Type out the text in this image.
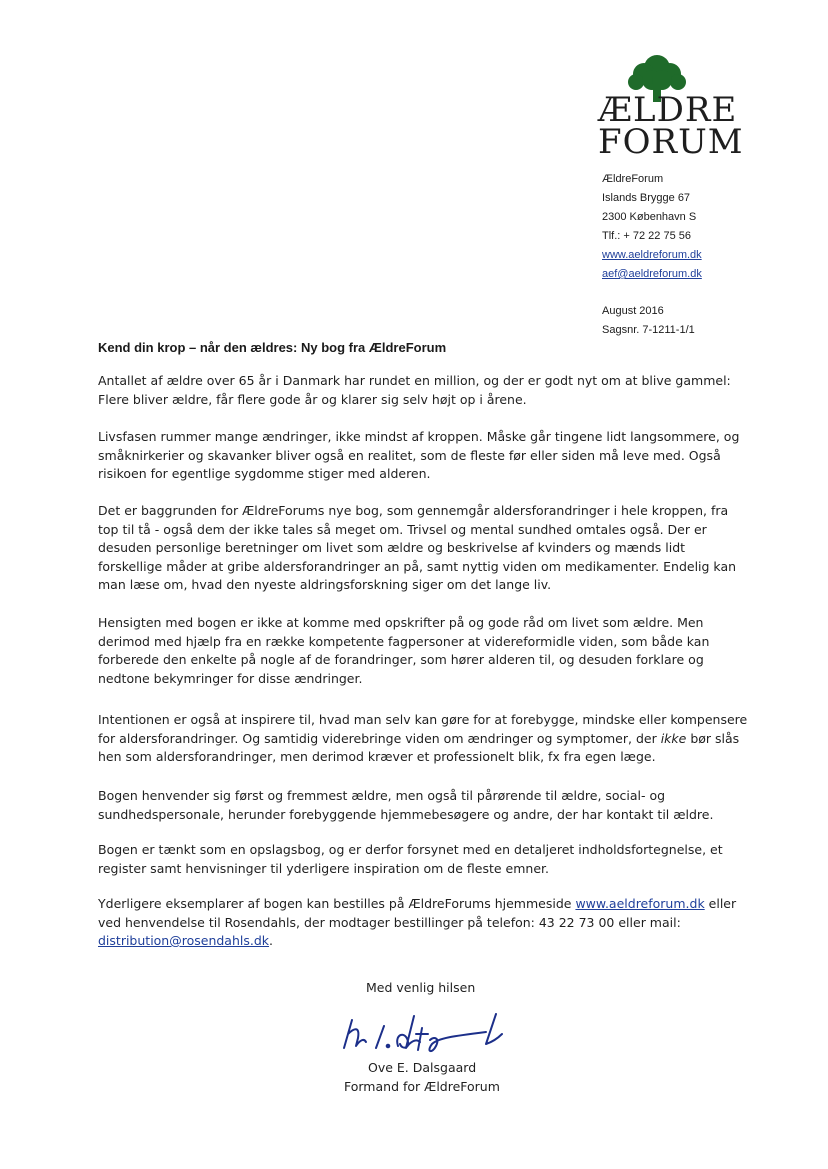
ÆLDRE
FORUM
ÆldreForum
Islands Brygge 67
2300 København S
Tlf.: + 72 22 75 56
www.aeldreforum.dk
aef@aeldreforum.dk
August 2016
Sagsnr. 7-1211-1/1
Kend din krop – når den ældres: Ny bog fra ÆldreForum
Antallet af ældre over 65 år i Danmark har rundet en million, og der er godt nyt om at blive gammel: Flere bliver ældre, får flere gode år og klarer sig selv højt op i årene.
Livsfasen rummer mange ændringer, ikke mindst af kroppen. Måske går tingene lidt langsommere, og småknirkerier og skavanker bliver også en realitet, som de fleste før eller siden må leve med. Også risikoen for egentlige sygdomme stiger med alderen.
Det er baggrunden for ÆldreForums nye bog, som gennemgår aldersforandringer i hele kroppen, fra top til tå - også dem der ikke tales så meget om. Trivsel og mental sundhed omtales også. Der er desuden personlige beretninger om livet som ældre og beskrivelse af kvinders og mænds lidt forskellige måder at gribe aldersforandringer an på, samt nyttig viden om medikamenter. Endelig kan man læse om, hvad den nyeste aldringsforskning siger om det lange liv.
Hensigten med bogen er ikke at komme med opskrifter på og gode råd om livet som ældre. Men derimod med hjælp fra en række kompetente fagpersoner at videreformidle viden, som både kan forberede den enkelte på nogle af de forandringer, som hører alderen til, og desuden forklare og nedtone bekymringer for disse ændringer.
Intentionen er også at inspirere til, hvad man selv kan gøre for at forebygge, mindske eller kompensere for aldersforandringer. Og samtidig viderebringe viden om ændringer og symptomer, der ikke bør slås hen som aldersforandringer, men derimod kræver et professionelt blik, fx fra egen læge.
Bogen henvender sig først og fremmest ældre, men også til pårørende til ældre, social- og sundhedspersonale, herunder forebyggende hjemmebesøgere og andre, der har kontakt til ældre.
Bogen er tænkt som en opslagsbog, og er derfor forsynet med en detaljeret indholdsfortegnelse, et register samt henvisninger til yderligere inspiration om de fleste emner.
Yderligere eksemplarer af bogen kan bestilles på ÆldreForums hjemmeside www.aeldreforum.dk eller ved henvendelse til Rosendahls, der modtager bestillinger på telefon: 43 22 73 00 eller mail: distribution@rosendahls.dk.
Med venlig hilsen
Ove E. Dalsgaard
Formand for ÆldreForum
